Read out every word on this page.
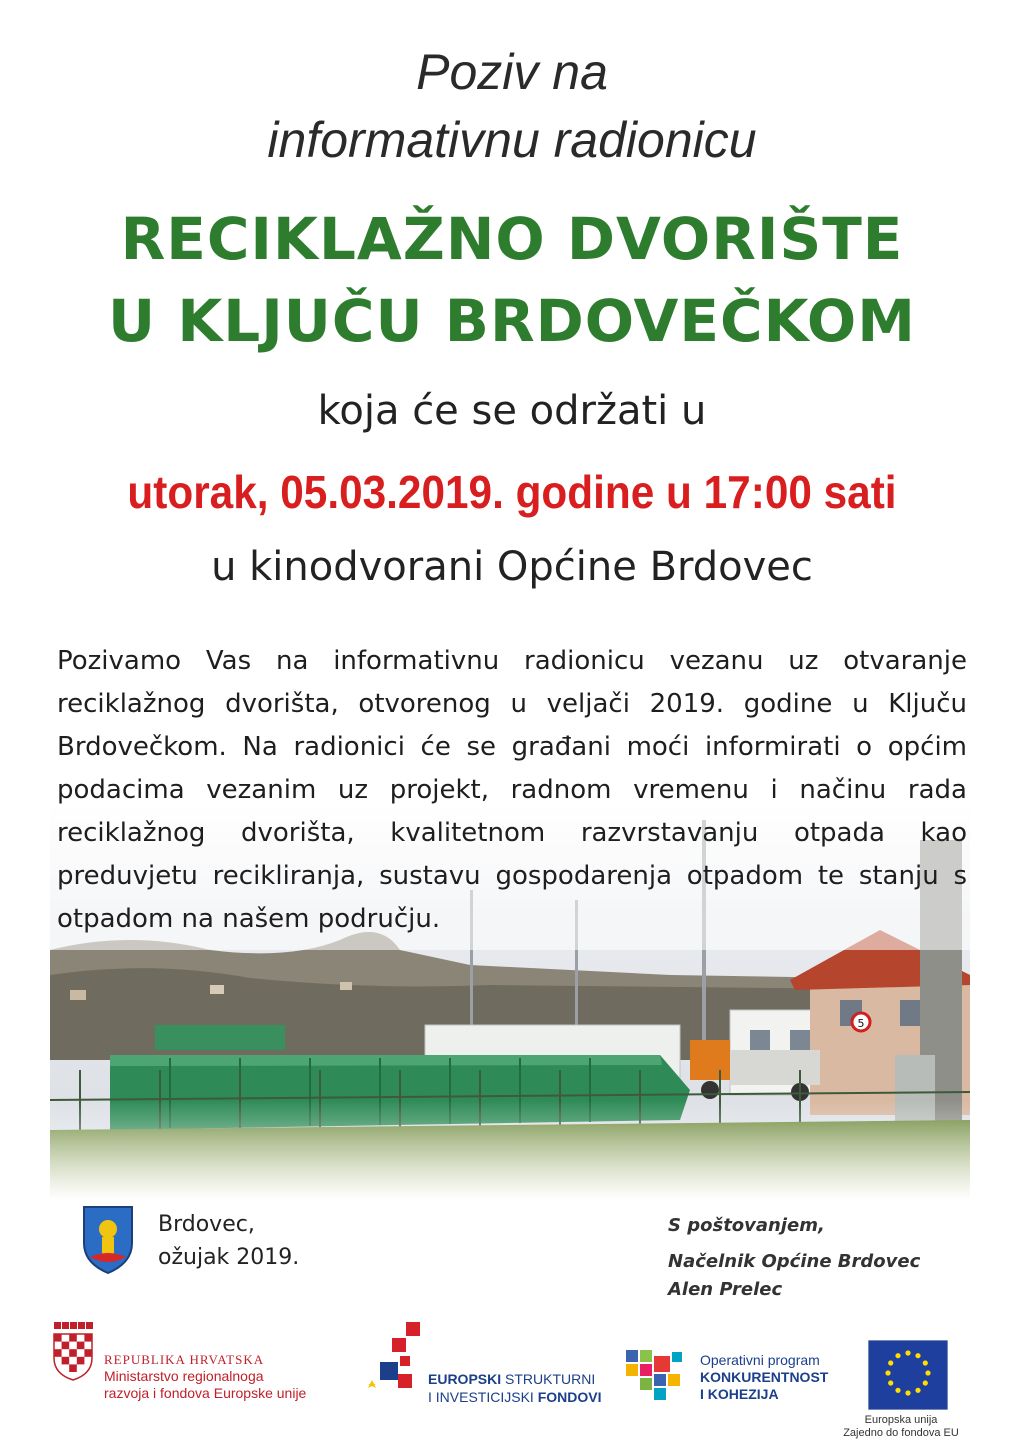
Poziv na
informativnu radionicu
RECIKLAŽNO DVORIŠTE
U KLJUČU BRDOVEČKOM
koja će se održati u
utorak, 05.03.2019. godine u 17:00 sati
u kinodvorani Općine Brdovec
5
Pozivamo Vas na informativnu radionicu vezanu uz otvaranje reciklažnog dvorišta, otvorenog u veljači 2019. godine u Ključu Brdovečkom. Na radionici će se građani moći informirati o općim podacima vezanim uz projekt, radnom vremenu i načinu rada reciklažnog dvorišta, kvalitetnom razvrstavanju otpada kao preduvjetu recikliranja, sustavu gospodarenja otpadom te stanju s otpadom na našem području.
Brdovec,
ožujak 2019.
S poštovanjem,
Načelnik Općine Brdovec
Alen Prelec
REPUBLIKA HRVATSKA
Ministarstvo regionalnoga
razvoja i fondova Europske unije
EUROPSKI STRUKTURNI
I INVESTICIJSKI FONDOVI
Operativni program
KONKURENTNOST
I KOHEZIJA
Europska unija
Zajedno do fondova EU
